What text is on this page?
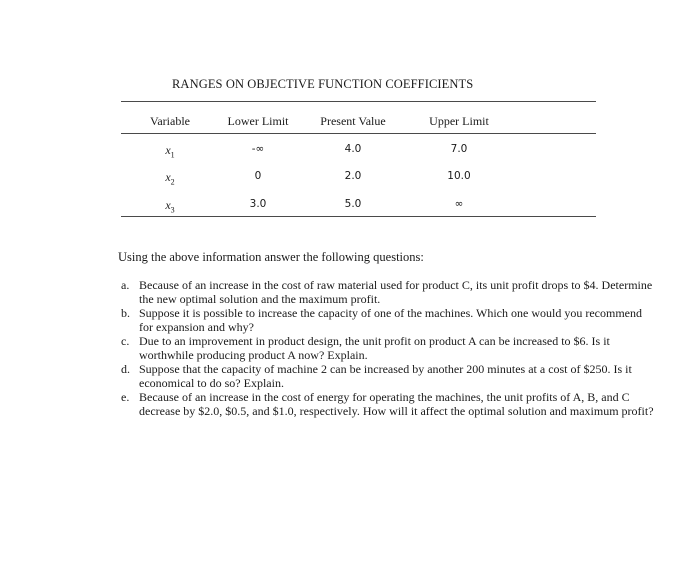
RANGES ON OBJECTIVE FUNCTION COEFFICIENTS
Variable	Lower Limit	Present Value	Upper Limit
$x_1$	-∞	4.0	7.0
$x_2$	0	2.0	10.0
$x_3$	3.0	5.0	∞
Using the above information answer the following questions:
a. Because of an increase in the cost of raw material used for product C, its unit profit drops to $4. Determine the new optimal solution and the maximum profit.
b. Suppose it is possible to increase the capacity of one of the machines. Which one would you recommend for expansion and why?
c. Due to an improvement in product design, the unit profit on product A can be increased to $6. Is it worthwhile producing product A now? Explain.
d. Suppose that the capacity of machine 2 can be increased by another 200 minutes at a cost of $250. Is it economical to do so? Explain.
e. Because of an increase in the cost of energy for operating the machines, the unit profits of A, B, and C decrease by $2.0, $0.5, and $1.0, respectively. How will it affect the optimal solution and maximum profit?
